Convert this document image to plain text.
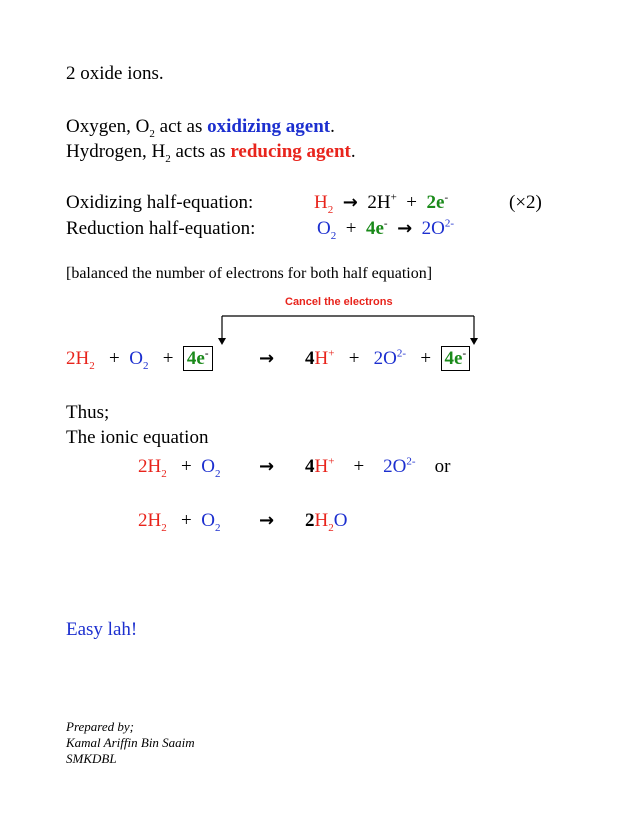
2 oxide ions.
Oxygen, $O_2$ act as oxidizing agent.
Hydrogen, $H_2$ acts as reducing agent.
Oxidizing half-equation:	$H_2 \to 2H^+ + 2e^-$	(×2)
Reduction half-equation:	$O_2 + 4e^- \to 2O^{2-}$
[balanced the number of electrons for both half equation]
Cancel the electrons
$2H_2 + O_2 + 4e^-$	→ $4H^+ + 2O^{2-} + 4e^-$
Thus;
The ionic equation
$2H_2 + O_2 \to 4H^+ + 2O^{2-}$ or
$2H_2 + O_2 \to 2H_2O$
Easy lah!
Prepared by;
Kamal Ariffin Bin Saaim
SMKDBL
